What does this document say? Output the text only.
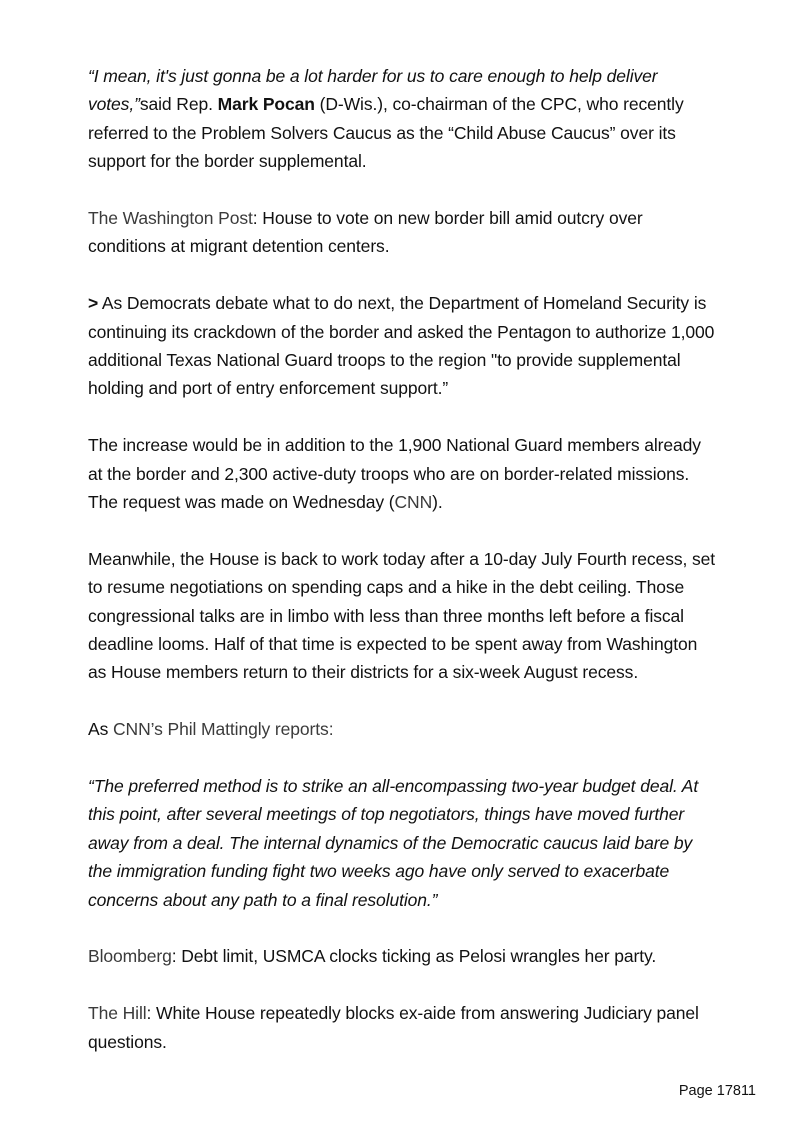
“I mean, it's just gonna be a lot harder for us to care enough to help deliver votes,”said Rep. Mark Pocan (D-Wis.), co-chairman of the CPC, who recently referred to the Problem Solvers Caucus as the “Child Abuse Caucus” over its support for the border supplemental.

The Washington Post: House to vote on new border bill amid outcry over conditions at migrant detention centers.

> As Democrats debate what to do next, the Department of Homeland Security is continuing its crackdown of the border and asked the Pentagon to authorize 1,000 additional Texas National Guard troops to the region "to provide supplemental holding and port of entry enforcement support.”

The increase would be in addition to the 1,900 National Guard members already at the border and 2,300 active-duty troops who are on border-related missions. The request was made on Wednesday (CNN).

Meanwhile, the House is back to work today after a 10-day July Fourth recess, set to resume negotiations on spending caps and a hike in the debt ceiling. Those congressional talks are in limbo with less than three months left before a fiscal deadline looms. Half of that time is expected to be spent away from Washington as House members return to their districts for a six-week August recess.

As CNN’s Phil Mattingly reports:

“The preferred method is to strike an all-encompassing two-year budget deal. At this point, after several meetings of top negotiators, things have moved further away from a deal. The internal dynamics of the Democratic caucus laid bare by the immigration funding fight two weeks ago have only served to exacerbate concerns about any path to a final resolution.”

Bloomberg: Debt limit, USMCA clocks ticking as Pelosi wrangles her party.

The Hill: White House repeatedly blocks ex-aide from answering Judiciary panel questions.

Page 17811
